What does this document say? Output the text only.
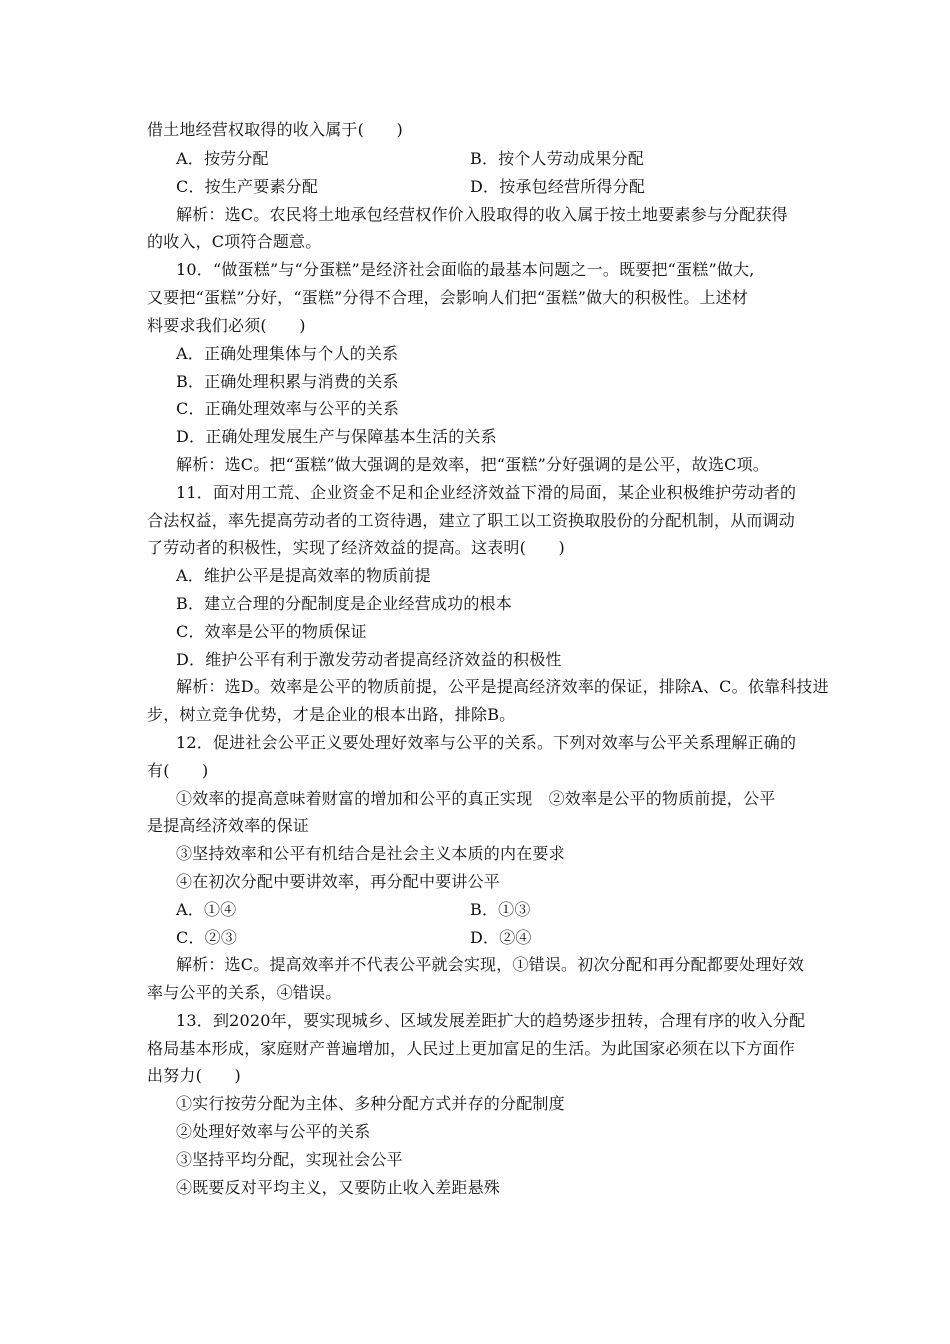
借土地经营权取得的收入属于(　　)
A．按劳分配	B．按个人劳动成果分配
C．按生产要素分配	D．按承包经营所得分配
解析：选C。农民将土地承包经营权作价入股取得的收入属于按土地要素参与分配获得
的收入，C项符合题意。
10．“做蛋糕”与“分蛋糕”是经济社会面临的最基本问题之一。既要把“蛋糕”做大,
又要把“蛋糕”分好，“蛋糕”分得不合理，会影响人们把“蛋糕”做大的积极性。上述材
料要求我们必须(　　)
A．正确处理集体与个人的关系
B．正确处理积累与消费的关系
C．正确处理效率与公平的关系
D．正确处理发展生产与保障基本生活的关系
解析：选C。把“蛋糕”做大强调的是效率，把“蛋糕”分好强调的是公平，故选C项。
11．面对用工荒、企业资金不足和企业经济效益下滑的局面，某企业积极维护劳动者的
合法权益，率先提高劳动者的工资待遇，建立了职工以工资换取股份的分配机制，从而调动
了劳动者的积极性，实现了经济效益的提高。这表明(　　)
A．维护公平是提高效率的物质前提
B．建立合理的分配制度是企业经营成功的根本
C．效率是公平的物质保证
D．维护公平有利于激发劳动者提高经济效益的积极性
解析：选D。效率是公平的物质前提，公平是提高经济效率的保证，排除A、C。依靠科技进
步，树立竞争优势，才是企业的根本出路，排除B。
12．促进社会公平正义要处理好效率与公平的关系。下列对效率与公平关系理解正确的
有(　　)
①效率的提高意味着财富的增加和公平的真正实现　②效率是公平的物质前提，公平
是提高经济效率的保证
③坚持效率和公平有机结合是社会主义本质的内在要求
④在初次分配中要讲效率，再分配中要讲公平
A．①④	B．①③
C．②③	D．②④
解析：选C。提高效率并不代表公平就会实现，①错误。初次分配和再分配都要处理好效
率与公平的关系，④错误。
13．到2020年，要实现城乡、区域发展差距扩大的趋势逐步扭转，合理有序的收入分配
格局基本形成，家庭财产普遍增加，人民过上更加富足的生活。为此国家必须在以下方面作
出努力(　　)
①实行按劳分配为主体、多种分配方式并存的分配制度
②处理好效率与公平的关系
③坚持平均分配，实现社会公平
④既要反对平均主义，又要防止收入差距悬殊
